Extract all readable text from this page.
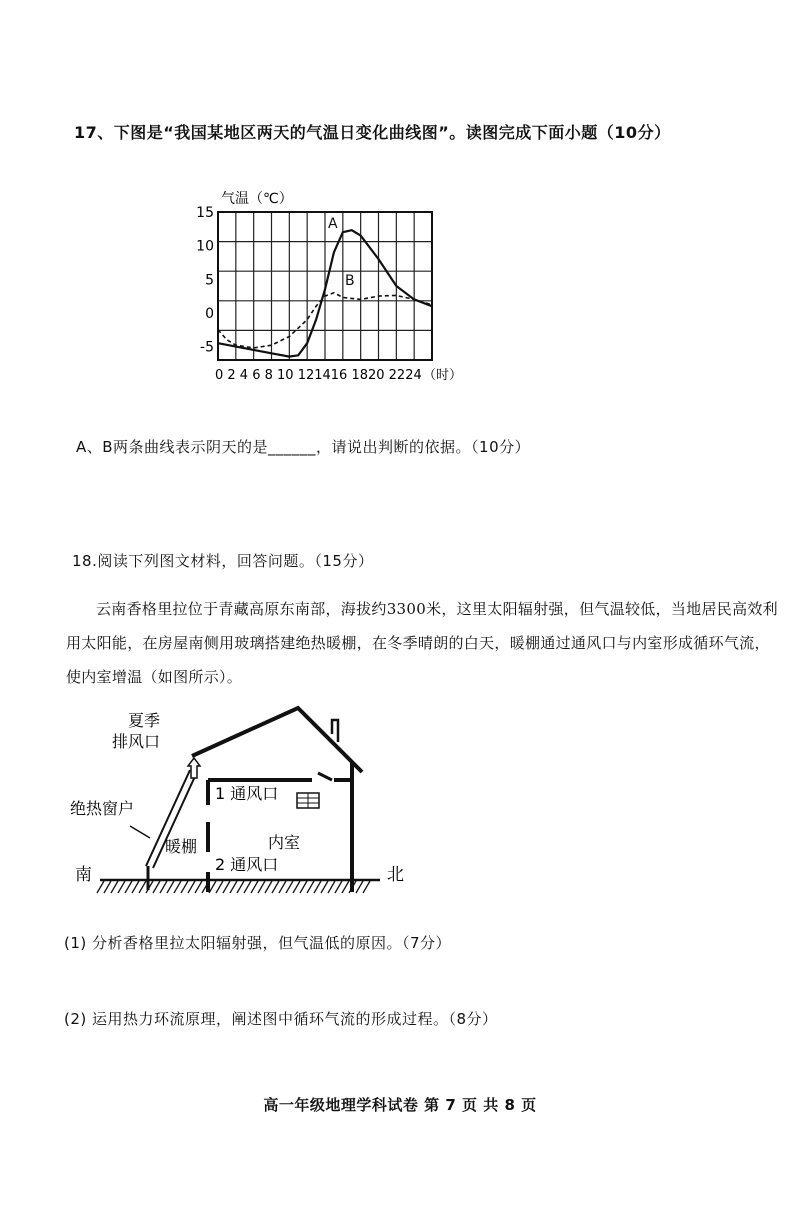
17、下图是“我国某地区两天的气温日变化曲线图”。读图完成下面小题（10分）
气温（℃）
15
10
5
0
-5
0 2 4 6 8 10 121416 1820 2224 （时）
A
B
A、B两条曲线表示阴天的是______，请说出判断的依据。（10分）
18.阅读下列图文材料，回答问题。（15分）
云南香格里拉位于青藏高原东南部，海拔约3300米，这里太阳辐射强，但气温较低，当地居民高效利用太阳能，在房屋南侧用玻璃搭建绝热暖棚，在冬季晴朗的白天，暖棚通过通风口与内室形成循环气流，使内室增温（如图所示）。
夏季
排风口
绝热窗户
1 通风口
暖棚	内室
2 通风口
南	北
(1) 分析香格里拉太阳辐射强，但气温低的原因。（7分）
(2) 运用热力环流原理，阐述图中循环气流的形成过程。（8分）
高一年级地理学科试卷 第 7 页 共 8 页
